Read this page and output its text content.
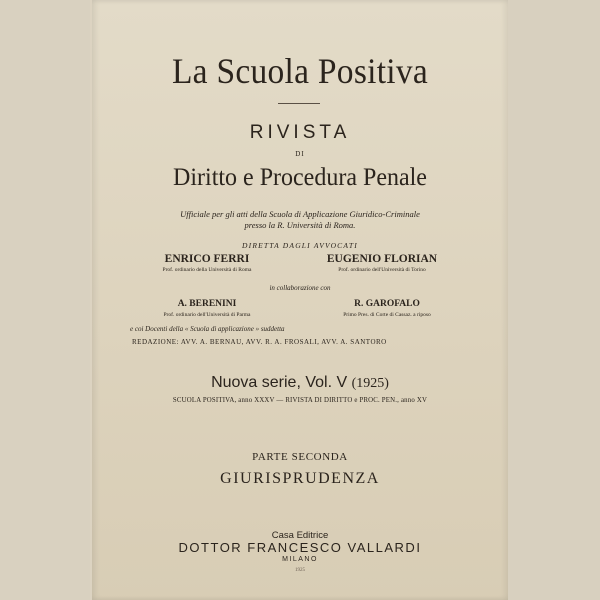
La Scuola Positiva
RIVISTA
DI
Diritto e Procedura Penale
Ufficiale per gli atti della Scuola di Applicazione Giuridico-Criminale
presso la R. Università di Roma.
DIRETTA DAGLI AVVOCATI
ENRICO FERRI	EUGENIO FLORIAN
Prof. ordinario della Università di Roma	Prof. ordinario dell'Università di Torino
in collaborazione con
A. BERENINI	R. GAROFALO
Prof. ordinario dell'Università di Parma	Primo Pres. di Corte di Cassaz. a riposo
e coi Docenti della « Scuola di applicazione » suddetta
REDAZIONE: AVV. A. BERNAU, AVV. R. A. FROSALI, AVV. A. SANTORO
Nuova serie, Vol. V (1925)
SCUOLA POSITIVA, anno XXXV — RIVISTA DI DIRITTO e PROC. PEN., anno XV
PARTE SECONDA
GIURISPRUDENZA
Casa Editrice
DOTTOR FRANCESCO VALLARDI
MILANO
1925
